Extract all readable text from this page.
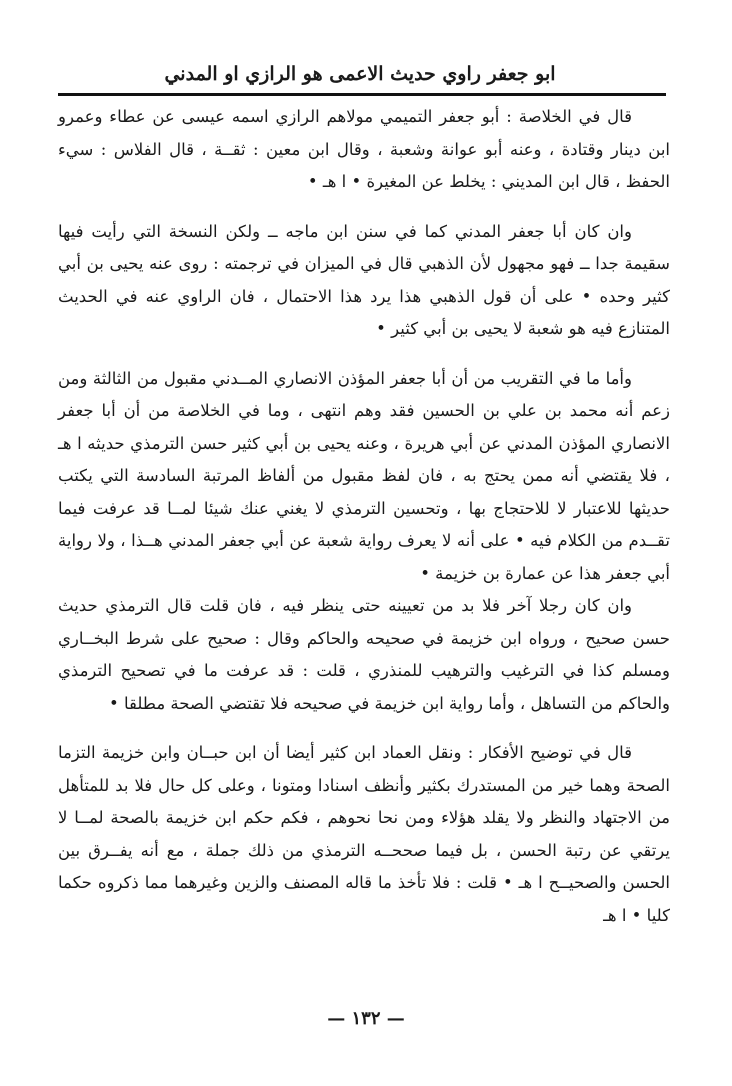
ابو جعفر راوي حديث الاعمى هو الرازي او المدني

قال في الخلاصة : أبو جعفر التميمي مولاهم الرازي اسمه عيسى عن عطاء وعمرو ابن دينار وقتادة ، وعنه أبو عوانة وشعبة ، وقال ابن معين : ثقــة ، قال الفلاس : سيء الحفظ ، قال ابن المديني : يخلط عن المغيرة • ا هـ •

وان كان أبا جعفر المدني كما في سنن ابن ماجه ــ ولكن النسخة التي رأيت فيها سقيمة جدا ــ فهو مجهول لأن الذهبي قال في الميزان في ترجمته : روى عنه يحيى بن أبي كثير وحده • على أن قول الذهبي هذا يرد هذا الاحتمال ، فان الراوي عنه في الحديث المتنازع فيه هو شعبة لا يحيى بن أبي كثير •

وأما ما في التقريب من أن أبا جعفر المؤذن الانصاري المــدني مقبول من الثالثة ومن زعم أنه محمد بن علي بن الحسين فقد وهم انتهى ، وما في الخلاصة من أن أبا جعفر الانصاري المؤذن المدني عن أبي هريرة ، وعنه يحيى بن أبي كثير حسن الترمذي حديثه ا هـ ، فلا يقتضي أنه ممن يحتج به ، فان لفظ مقبول من ألفاظ المرتبة السادسة التي يكتب حديثها للاعتبار لا للاحتجاج بها ، وتحسين الترمذي لا يغني عنك شيئا لمــا قد عرفت فيما تقــدم من الكلام فيه • على أنه لا يعرف رواية شعبة عن أبي جعفر المدني هــذا ، ولا رواية أبي جعفر هذا عن عمارة بن خزيمة •

وان كان رجلا آخر فلا بد من تعيينه حتى ينظر فيه ، فان قلت قال الترمذي حديث حسن صحيح ، ورواه ابن خزيمة في صحيحه والحاكم وقال : صحيح على شرط البخــاري ومسلم كذا في الترغيب والترهيب للمنذري ، قلت : قد عرفت ما في تصحيح الترمذي والحاكم من التساهل ، وأما رواية ابن خزيمة في صحيحه فلا تقتضي الصحة مطلقا •

قال في توضيح الأفكار : ونقل العماد ابن كثير أيضا أن ابن حبــان وابن خزيمة التزما الصحة وهما خير من المستدرك بكثير وأنظف اسنادا ومتونا ، وعلى كل حال فلا بد للمتأهل من الاجتهاد والنظر ولا يقلد هؤلاء ومن نحا نحوهم ، فكم حكم ابن خزيمة بالصحة لمــا لا يرتقي عن رتبة الحسن ، بل فيما صححــه الترمذي من ذلك جملة ، مع أنه يفــرق بين الحسن والصحيــح ا هـ • قلت : فلا تأخذ ما قاله المصنف والزين وغيرهما مما ذكروه حكما كليا • ا هـ

— ١٣٢ —
